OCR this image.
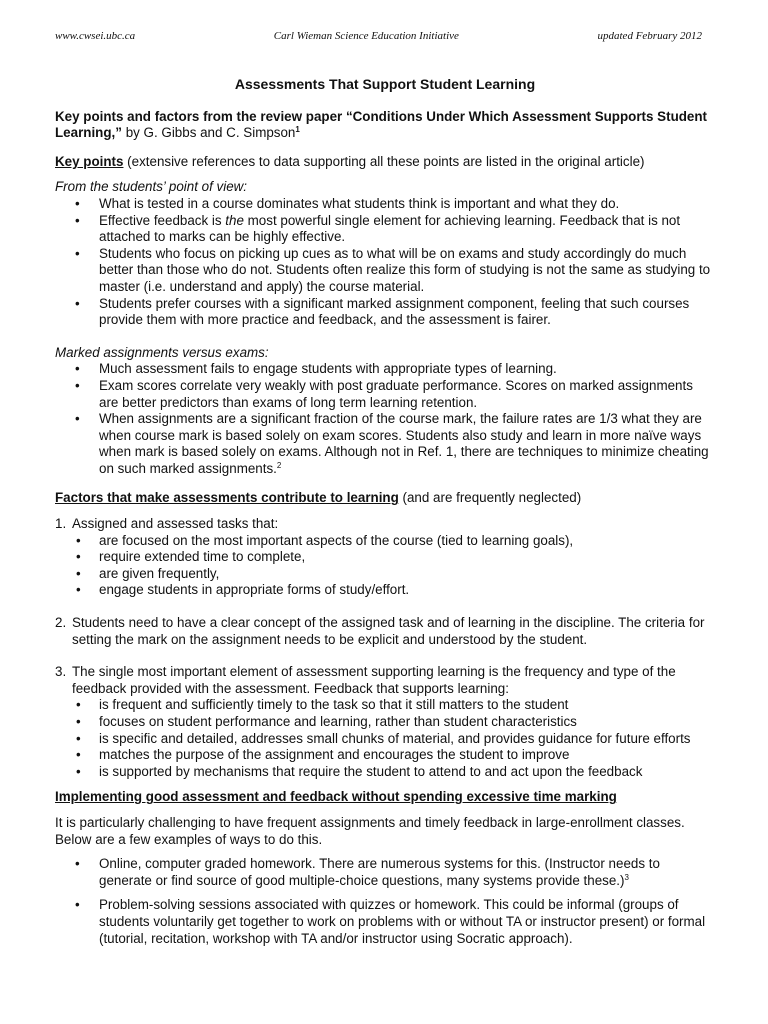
www.cwsei.ubc.ca	Carl Wieman Science Education Initiative	updated February 2012

Assessments That Support Student Learning

Key points and factors from the review paper “Conditions Under Which Assessment Supports Student Learning,” by G. Gibbs and C. Simpson$^1$

Key points (extensive references to data supporting all these points are listed in the original article)

From the students’ point of view:

• What is tested in a course dominates what students think is important and what they do.
• Effective feedback is the most powerful single element for achieving learning. Feedback that is not attached to marks can be highly effective.
• Students who focus on picking up cues as to what will be on exams and study accordingly do much better than those who do not. Students often realize this form of studying is not the same as studying to master (i.e. understand and apply) the course material.
• Students prefer courses with a significant marked assignment component, feeling that such courses provide them with more practice and feedback, and the assessment is fairer.

Marked assignments versus exams:

• Much assessment fails to engage students with appropriate types of learning.
• Exam scores correlate very weakly with post graduate performance. Scores on marked assignments are better predictors than exams of long term learning retention.
• When assignments are a significant fraction of the course mark, the failure rates are 1/3 what they are when course mark is based solely on exam scores. Students also study and learn in more naïve ways when mark is based solely on exams. Although not in Ref. 1, there are techniques to minimize cheating on such marked assignments.$^2$

Factors that make assessments contribute to learning (and are frequently neglected)

1. Assigned and assessed tasks that:
• are focused on the most important aspects of the course (tied to learning goals),
• require extended time to complete,
• are given frequently,
• engage students in appropriate forms of study/effort.
2. Students need to have a clear concept of the assigned task and of learning in the discipline. The criteria for setting the mark on the assignment needs to be explicit and understood by the student.
3. The single most important element of assessment supporting learning is the frequency and type of the feedback provided with the assessment. Feedback that supports learning:
• is frequent and sufficiently timely to the task so that it still matters to the student
• focuses on student performance and learning, rather than student characteristics
• is specific and detailed, addresses small chunks of material, and provides guidance for future efforts
• matches the purpose of the assignment and encourages the student to improve
• is supported by mechanisms that require the student to attend to and act upon the feedback

Implementing good assessment and feedback without spending excessive time marking

It is particularly challenging to have frequent assignments and timely feedback in large-enrollment classes. Below are a few examples of ways to do this.

• Online, computer graded homework. There are numerous systems for this. (Instructor needs to generate or find source of good multiple-choice questions, many systems provide these.)$^3$
• Problem-solving sessions associated with quizzes or homework. This could be informal (groups of students voluntarily get together to work on problems with or without TA or instructor present) or formal (tutorial, recitation, workshop with TA and/or instructor using Socratic approach).
